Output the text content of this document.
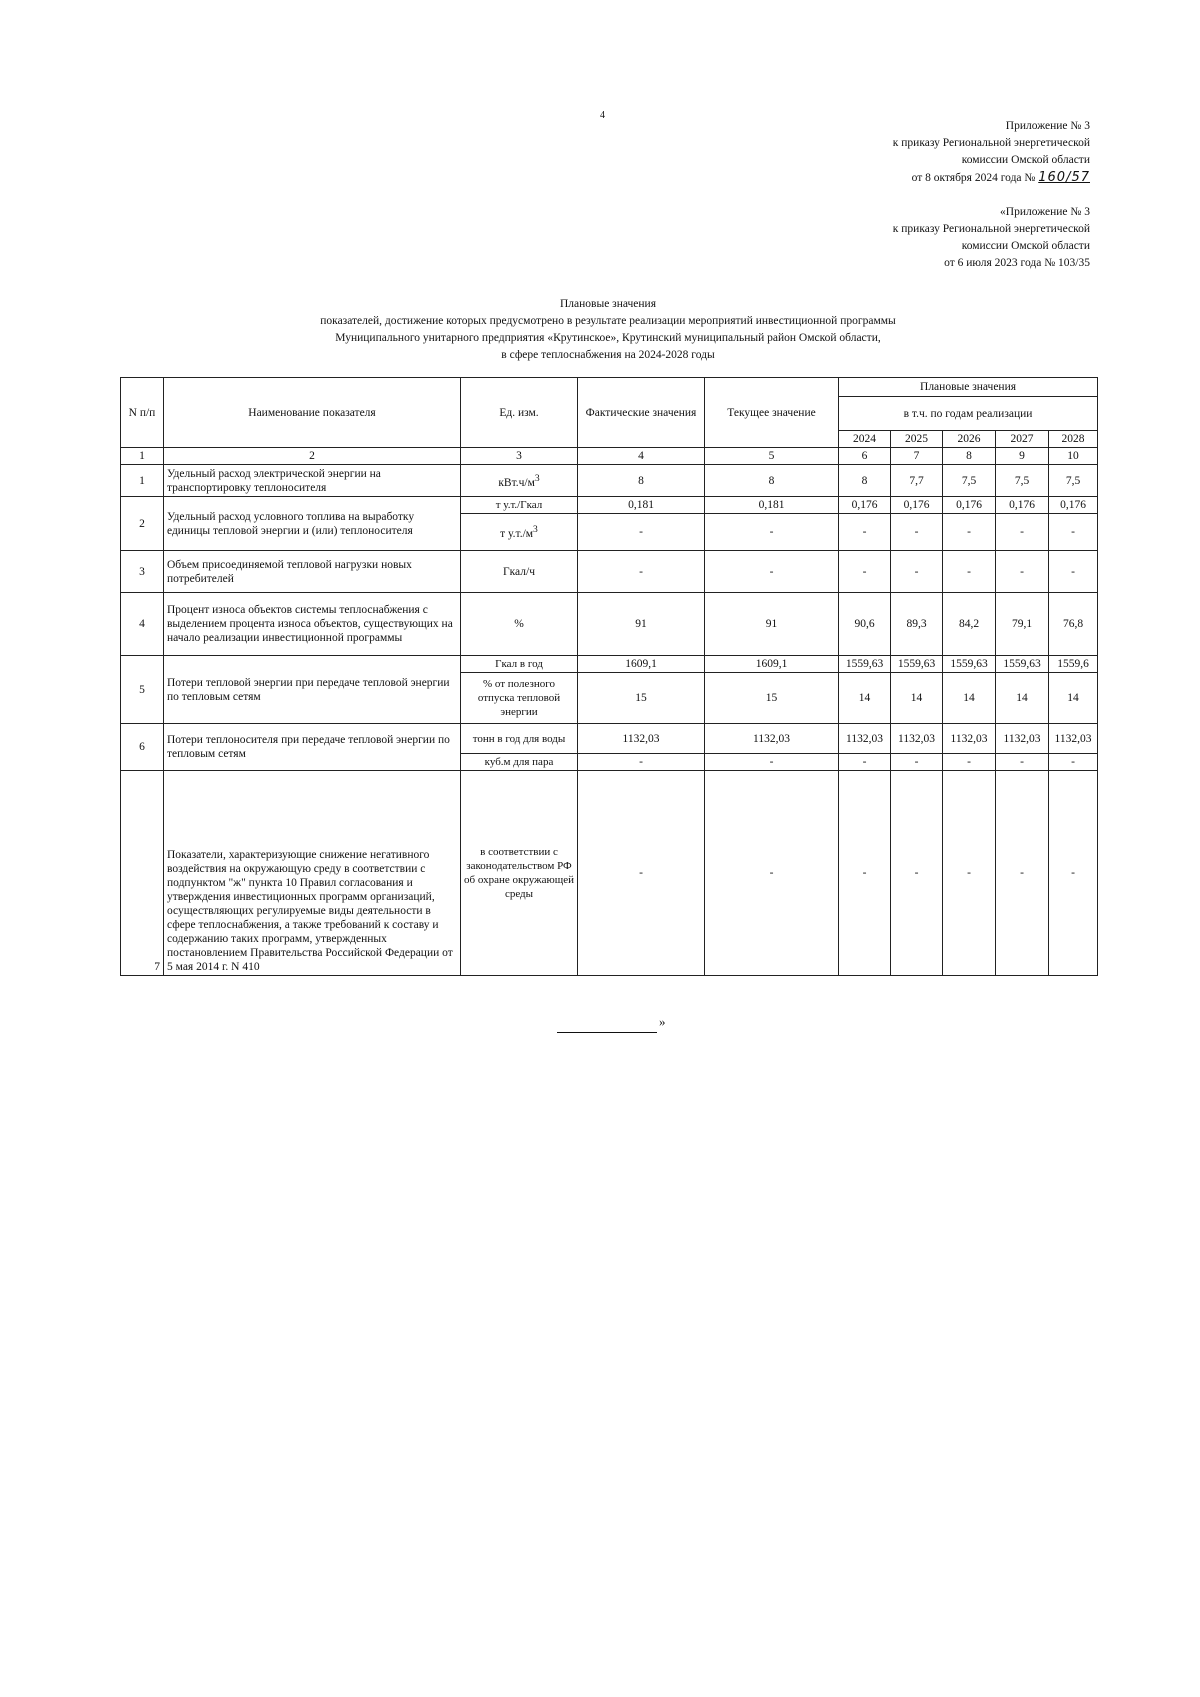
4
Приложение № 3
к приказу Региональной энергетической
комиссии Омской области
от 8 октября 2024 года № 160/57
«Приложение № 3
к приказу Региональной энергетической
комиссии Омской области
от 6 июля 2023 года № 103/35
Плановые значения
показателей, достижение которых предусмотрено в результате реализации мероприятий инвестиционной программы
Муниципального унитарного предприятия «Крутинское», Крутинский муниципальный район Омской области,
в сфере теплоснабжения на 2024-2028 годы
N п/п	Наименование показателя	Ед. изм.	Фактические значения	Текущее значение	Плановые значения				
					в т.ч. по годам реализации				
					2024	2025	2026	2027	2028
1	2	3	4	5	6	7	8	9	10
1	Удельный расход электрической энергии на транспортировку теплоносителя	$кВт.ч/м^3$	8	8	8	7,7	7,5	7,5	7,5
2	Удельный расход условного топлива на выработку единицы тепловой энергии и (или) теплоносителя	т у.т./Гкал	0,181	0,181	0,176	0,176	0,176	0,176	0,176
		т $у.т./м^3$	-	-	-	-	-	-	-
3	Объем присоединяемой тепловой нагрузки новых потребителей	Гкал/ч	-	-	-	-	-	-	-
4	Процент износа объектов системы теплоснабжения с выделением процента износа объектов, существующих на начало реализации инвестиционной программы	%	91	91	90,6	89,3	84,2	79,1	76,8
5	Потери тепловой энергии при передаче тепловой энергии по тепловым сетям	Гкал в год	1609,1	1609,1	1559,63	1559,63	1559,63	1559,63	1559,6
		% от полезного отпуска тепловой энергии	15	15	14	14	14	14	14
6	Потери теплоносителя при передаче тепловой энергии по тепловым сетям	тонн в год для воды	1132,03	1132,03	1132,03	1132,03	1132,03	1132,03	1132,03
		куб.м для пара	-	-	-	-	-	-	-
7	Показатели, характеризующие снижение негативного воздействия на окружающую среду в соответствии с подпунктом "ж" пункта 10 Правил согласования и утверждения инвестиционных программ организаций, осуществляющих регулируемые виды деятельности в сфере теплоснабжения, а также требований к составу и содержанию таких программ, утвержденных постановлением Правительства Российской Федерации от 5 мая 2014 г. N 410	в соответствии с законодательством РФ об охране окружающей среды	-	-	-	-	-	-	-
»
